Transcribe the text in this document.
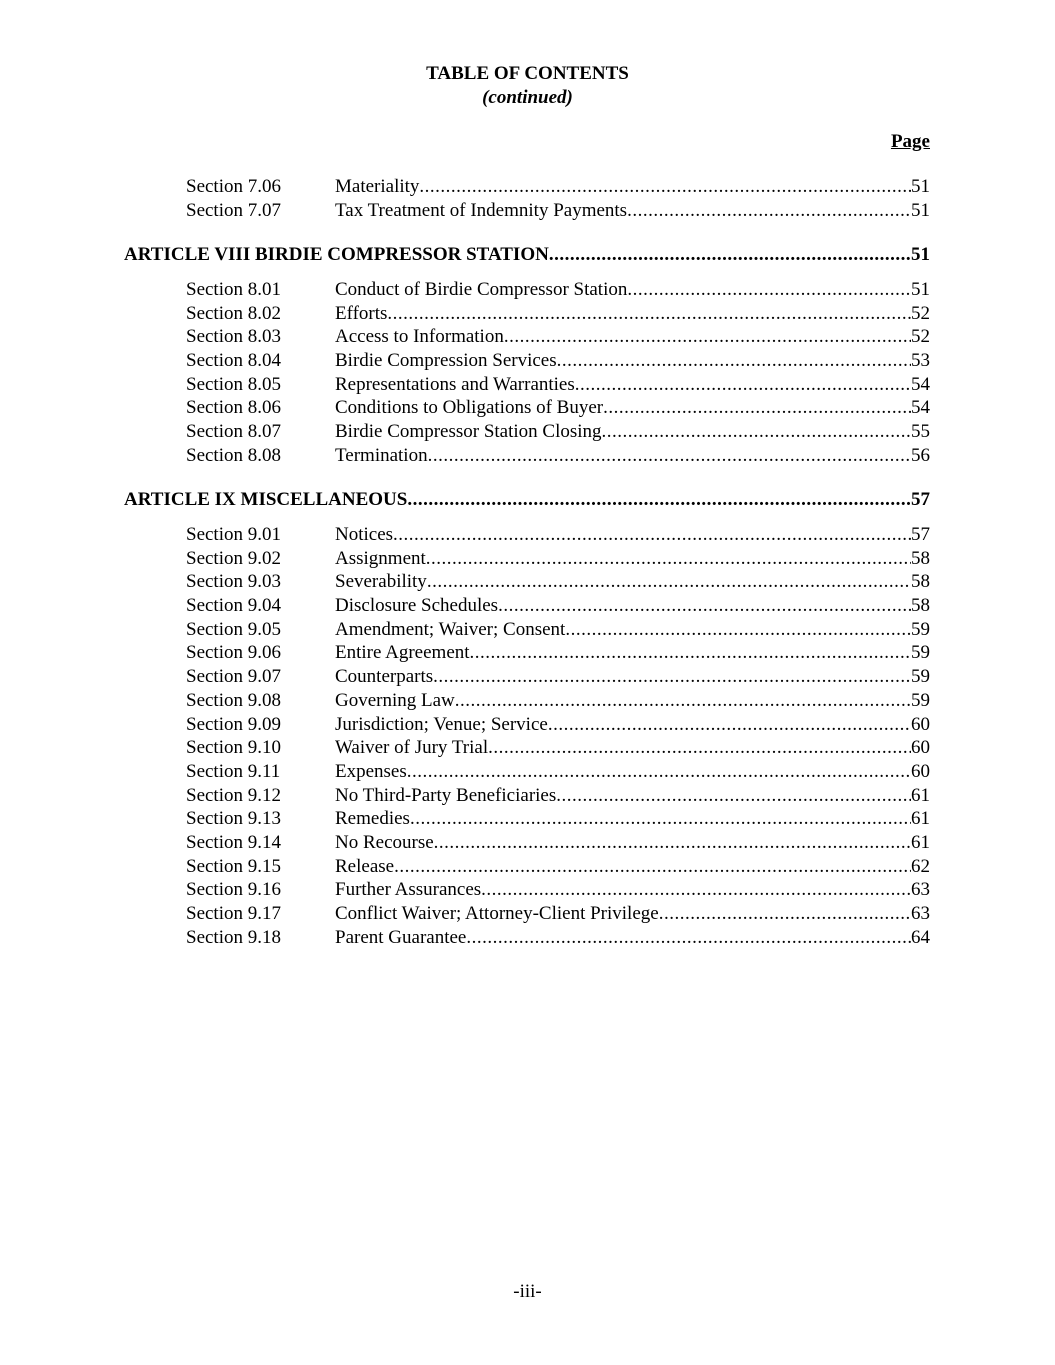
TABLE OF CONTENTS
(continued)
Page
Section 7.06	Materiality .....	51
Section 7.07	Tax Treatment of Indemnity Payments .....	51
ARTICLE VIII BIRDIE COMPRESSOR STATION .....	51
Section 8.01	Conduct of Birdie Compressor Station .....	51
Section 8.02	Efforts .....	52
Section 8.03	Access to Information .....	52
Section 8.04	Birdie Compression Services .....	53
Section 8.05	Representations and Warranties .....	54
Section 8.06	Conditions to Obligations of Buyer .....	54
Section 8.07	Birdie Compressor Station Closing .....	55
Section 8.08	Termination .....	56
ARTICLE IX MISCELLANEOUS .....	57
Section 9.01	Notices .....	57
Section 9.02	Assignment .....	58
Section 9.03	Severability .....	58
Section 9.04	Disclosure Schedules .....	58
Section 9.05	Amendment; Waiver; Consent .....	59
Section 9.06	Entire Agreement .....	59
Section 9.07	Counterparts .....	59
Section 9.08	Governing Law .....	59
Section 9.09	Jurisdiction; Venue; Service .....	60
Section 9.10	Waiver of Jury Trial .....	60
Section 9.11	Expenses .....	60
Section 9.12	No Third-Party Beneficiaries .....	61
Section 9.13	Remedies .....	61
Section 9.14	No Recourse .....	61
Section 9.15	Release .....	62
Section 9.16	Further Assurances .....	63
Section 9.17	Conflict Waiver; Attorney-Client Privilege .....	63
Section 9.18	Parent Guarantee .....	64
-iii-
